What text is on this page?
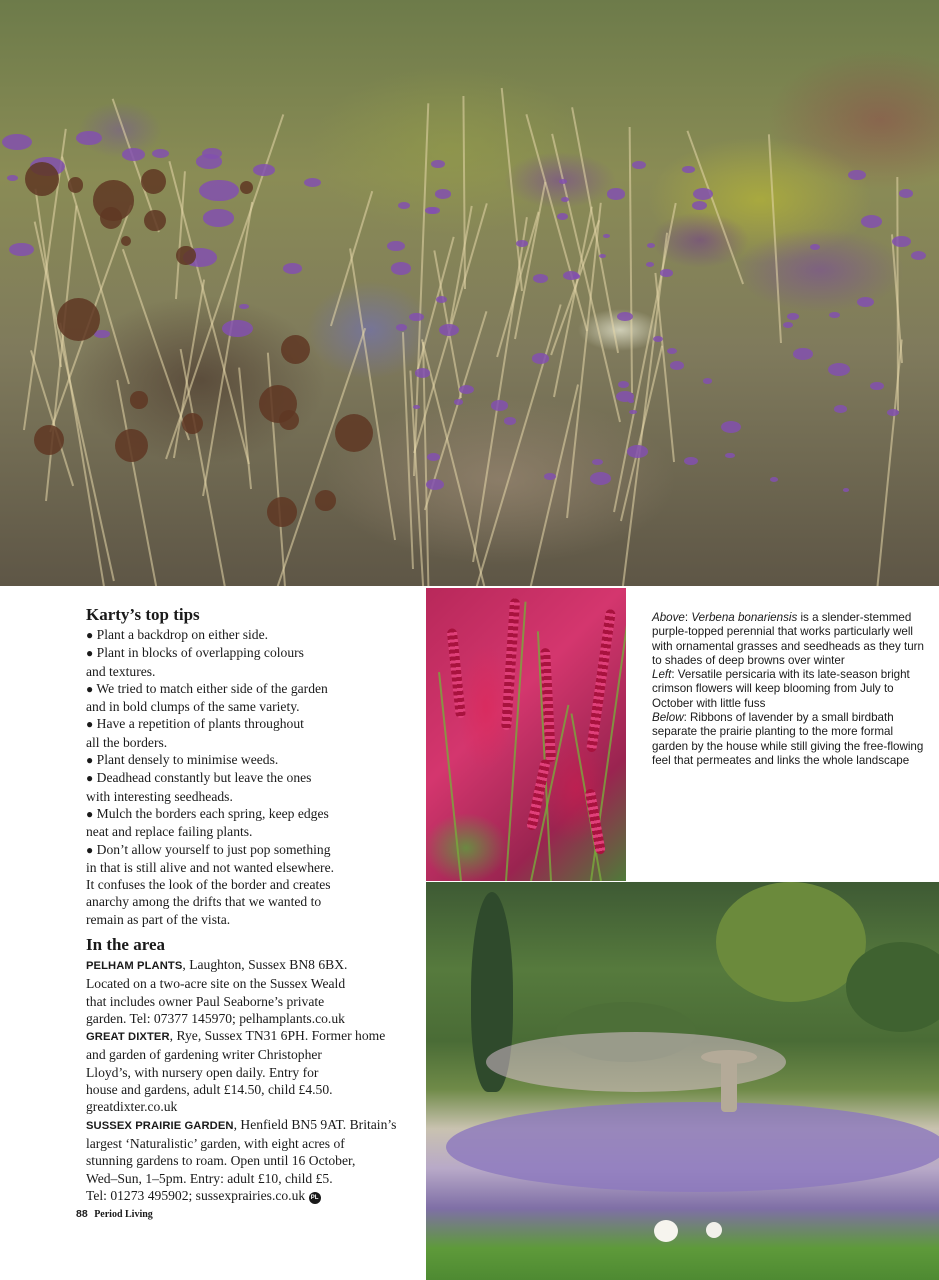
Karty’s top tips

● Plant a backdrop on either side.

● Plant in blocks of overlapping colours
and textures.

● We tried to match either side of the garden
and in bold clumps of the same variety.

● Have a repetition of plants throughout
all the borders.

● Plant densely to minimise weeds.

● Deadhead constantly but leave the ones
with interesting seedheads.

● Mulch the borders each spring, keep edges
neat and replace failing plants.

● Don’t allow yourself to just pop something
in that is still alive and not wanted elsewhere.
It confuses the look of the border and creates
anarchy among the drifts that we wanted to
remain as part of the vista.

In the area

PELHAM PLANTS, Laughton, Sussex BN8 6BX.
Located on a two-acre site on the Sussex Weald
that includes owner Paul Seaborne’s private
garden. Tel: 07377 145970; pelhamplants.co.uk

GREAT DIXTER, Rye, Sussex TN31 6PH. Former home
and garden of gardening writer Christopher
Lloyd’s, with nursery open daily. Entry for
house and gardens, adult £14.50, child £4.50.
greatdixter.co.uk

SUSSEX PRAIRIE GARDEN, Henfield BN5 9AT. Britain’s
largest ‘Naturalistic’ garden, with eight acres of
stunning gardens to roam. Open until 16 October,
Wed–Sun, 1–5pm. Entry: adult £10, child £5.
Tel: 01273 495902; sussexprairies.co.uk PL

88 Period Living

Above: Verbena bonariensis is a slender-stemmed purple-topped perennial that works particularly well with ornamental grasses and seedheads as they turn to shades of deep browns over winter

Left: Versatile persicaria with its late-season bright crimson flowers will keep blooming from July to October with little fuss

Below: Ribbons of lavender by a small birdbath separate the prairie planting to the more formal garden by the house while still giving the free-flowing feel that permeates and links the whole landscape
